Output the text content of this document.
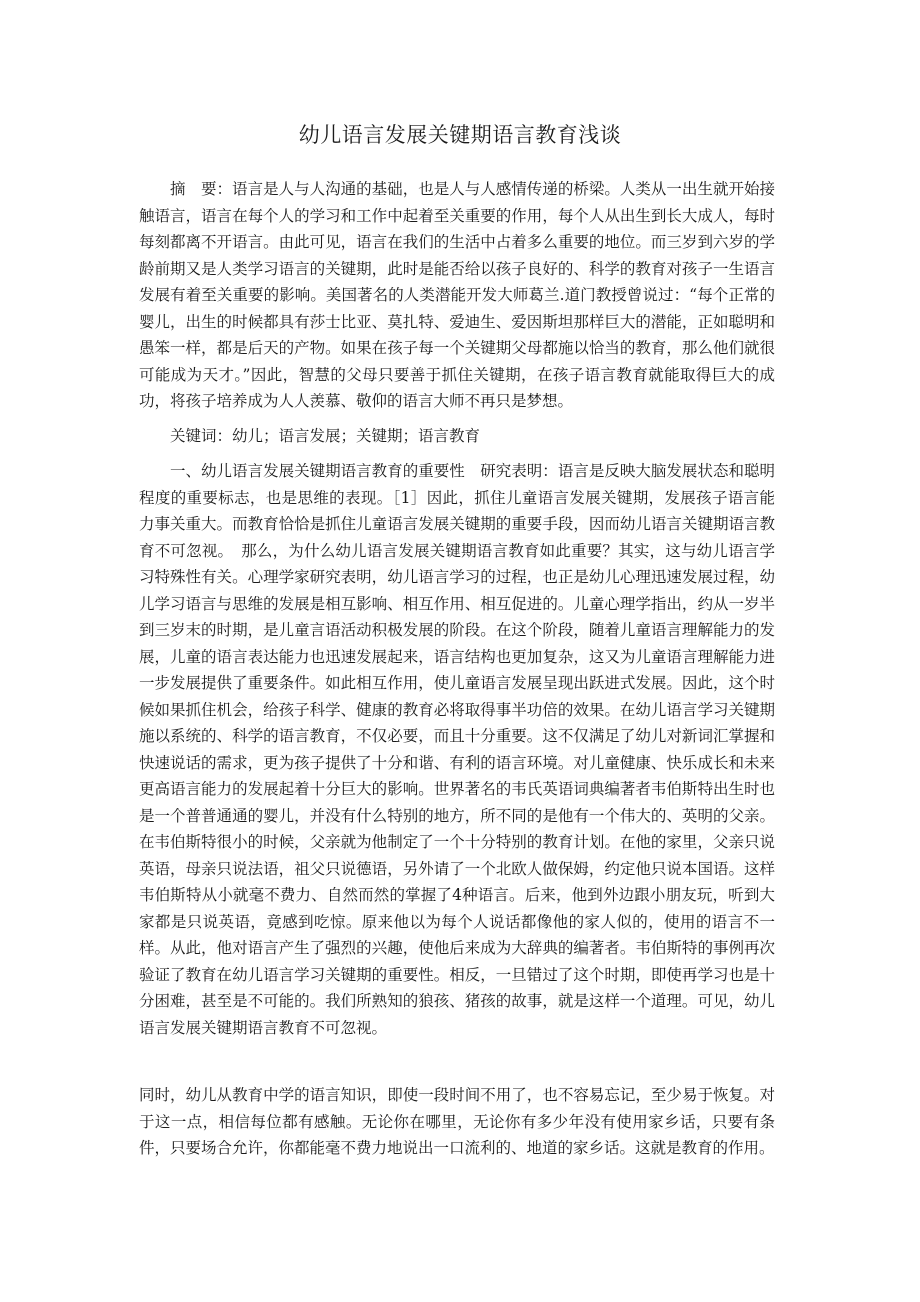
幼儿语言发展关键期语言教育浅谈

摘　要：语言是人与人沟通的基础，也是人与人感情传递的桥梁。人类从一出生就开始接触语言，语言在每个人的学习和工作中起着至关重要的作用，每个人从出生到长大成人，每时每刻都离不开语言。由此可见，语言在我们的生活中占着多么重要的地位。而三岁到六岁的学龄前期又是人类学习语言的关键期，此时是能否给以孩子良好的、科学的教育对孩子一生语言发展有着至关重要的影响。美国著名的人类潜能开发大师葛兰.道门教授曾说过：“每个正常的婴儿，出生的时候都具有莎士比亚、莫扎特、爱迪生、爱因斯坦那样巨大的潜能，正如聪明和愚笨一样，都是后天的产物。如果在孩子每一个关键期父母都施以恰当的教育，那么他们就很可能成为天才。”因此，智慧的父母只要善于抓住关键期，在孩子语言教育就能取得巨大的成功，将孩子培养成为人人羡慕、敬仰的语言大师不再只是梦想。

关键词：幼儿；语言发展；关键期；语言教育

一、幼儿语言发展关键期语言教育的重要性　研究表明：语言是反映大脑发展状态和聪明程度的重要标志，也是思维的表现。［1］因此，抓住儿童语言发展关键期，发展孩子语言能力事关重大。而教育恰恰是抓住儿童语言发展关键期的重要手段，因而幼儿语言关键期语言教育不可忽视。　那么，为什么幼儿语言发展关键期语言教育如此重要？其实，这与幼儿语言学习特殊性有关。心理学家研究表明，幼儿语言学习的过程，也正是幼儿心理迅速发展过程，幼儿学习语言与思维的发展是相互影响、相互作用、相互促进的。儿童心理学指出，约从一岁半到三岁末的时期，是儿童言语活动积极发展的阶段。在这个阶段，随着儿童语言理解能力的发展，儿童的语言表达能力也迅速发展起来，语言结构也更加复杂，这又为儿童语言理解能力进一步发展提供了重要条件。如此相互作用，使儿童语言发展呈现出跃进式发展。因此，这个时候如果抓住机会，给孩子科学、健康的教育必将取得事半功倍的效果。在幼儿语言学习关键期施以系统的、科学的语言教育，不仅必要，而且十分重要。这不仅满足了幼儿对新词汇掌握和快速说话的需求，更为孩子提供了十分和谐、有利的语言环境。对儿童健康、快乐成长和未来更高语言能力的发展起着十分巨大的影响。世界著名的韦氏英语词典编著者韦伯斯特出生时也是一个普普通通的婴儿，并没有什么特别的地方，所不同的是他有一个伟大的、英明的父亲。在韦伯斯特很小的时候，父亲就为他制定了一个十分特别的教育计划。在他的家里，父亲只说英语，母亲只说法语，祖父只说德语，另外请了一个北欧人做保姆，约定他只说本国语。这样韦伯斯特从小就毫不费力、自然而然的掌握了4种语言。后来，他到外边跟小朋友玩，听到大家都是只说英语，竟感到吃惊。原来他以为每个人说话都像他的家人似的，使用的语言不一样。从此，他对语言产生了强烈的兴趣，使他后来成为大辞典的编著者。韦伯斯特的事例再次验证了教育在幼儿语言学习关键期的重要性。相反，一旦错过了这个时期，即使再学习也是十分困难，甚至是不可能的。我们所熟知的狼孩、猪孩的故事，就是这样一个道理。可见，幼儿语言发展关键期语言教育不可忽视。

同时，幼儿从教育中学的语言知识，即使一段时间不用了，也不容易忘记，至少易于恢复。对于这一点，相信每位都有感触。无论你在哪里，无论你有多少年没有使用家乡话，只要有条件，只要场合允许，你都能毫不费力地说出一口流利的、地道的家乡话。这就是教育的作用。
